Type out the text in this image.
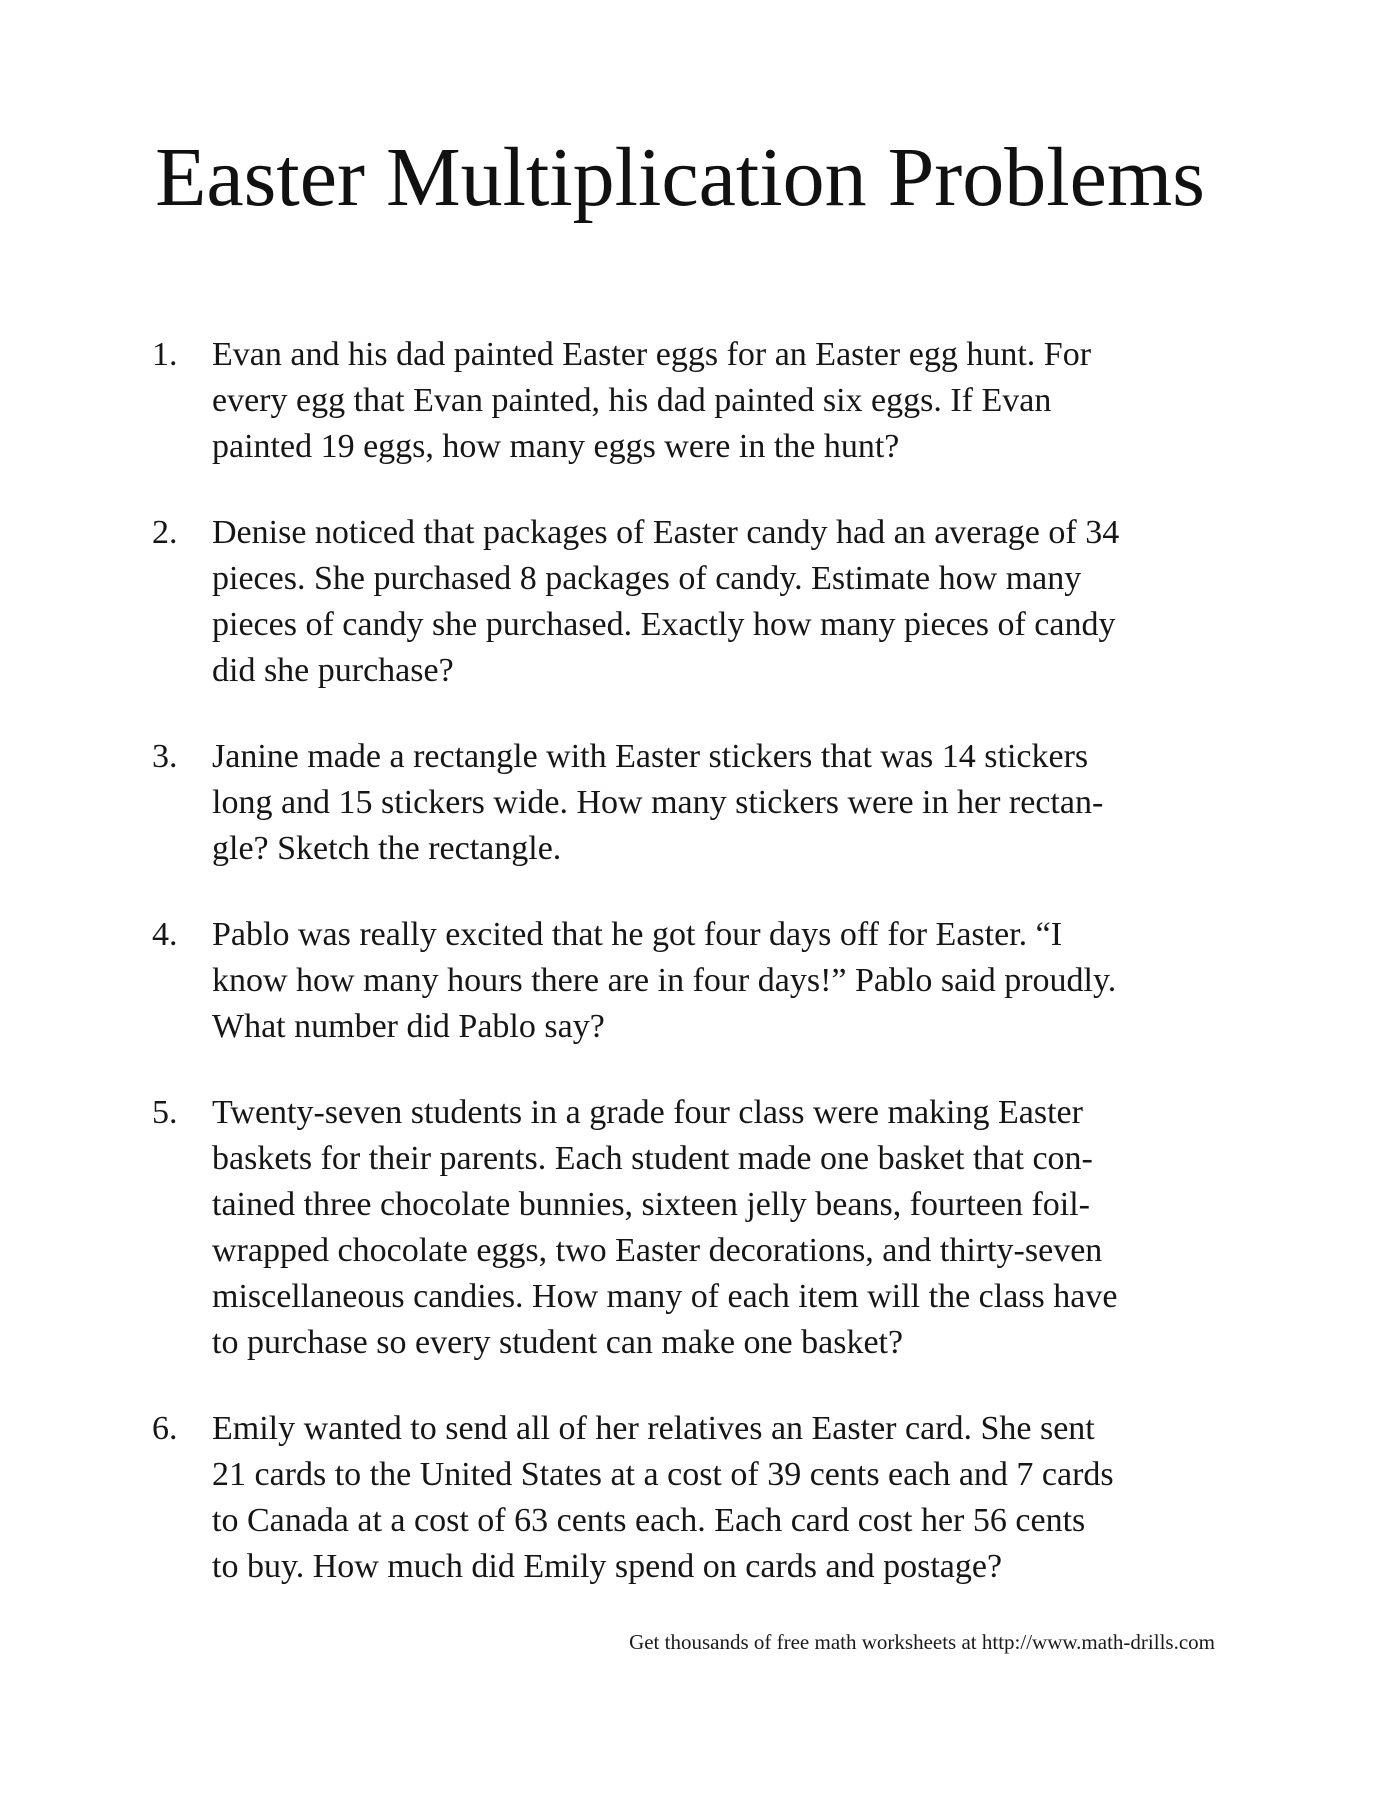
Easter Multiplication Problems
1.	Evan and his dad painted Easter eggs for an Easter egg hunt. For
every egg that Evan painted, his dad painted six eggs. If Evan
painted 19 eggs, how many eggs were in the hunt?
2.	Denise noticed that packages of Easter candy had an average of 34
pieces. She purchased 8 packages of candy. Estimate how many
pieces of candy she purchased. Exactly how many pieces of candy
did she purchase?
3.	Janine made a rectangle with Easter stickers that was 14 stickers
long and 15 stickers wide. How many stickers were in her rectan-
gle? Sketch the rectangle.
4.	Pablo was really excited that he got four days off for Easter. “I
know how many hours there are in four days!” Pablo said proudly.
What number did Pablo say?
5.	Twenty-seven students in a grade four class were making Easter
baskets for their parents. Each student made one basket that con-
tained three chocolate bunnies, sixteen jelly beans, fourteen foil-
wrapped chocolate eggs, two Easter decorations, and thirty-seven
miscellaneous candies. How many of each item will the class have
to purchase so every student can make one basket?
6.	Emily wanted to send all of her relatives an Easter card. She sent
21 cards to the United States at a cost of 39 cents each and 7 cards
to Canada at a cost of 63 cents each. Each card cost her 56 cents
to buy. How much did Emily spend on cards and postage?
Get thousands of free math worksheets at http://www.math-drills.com
